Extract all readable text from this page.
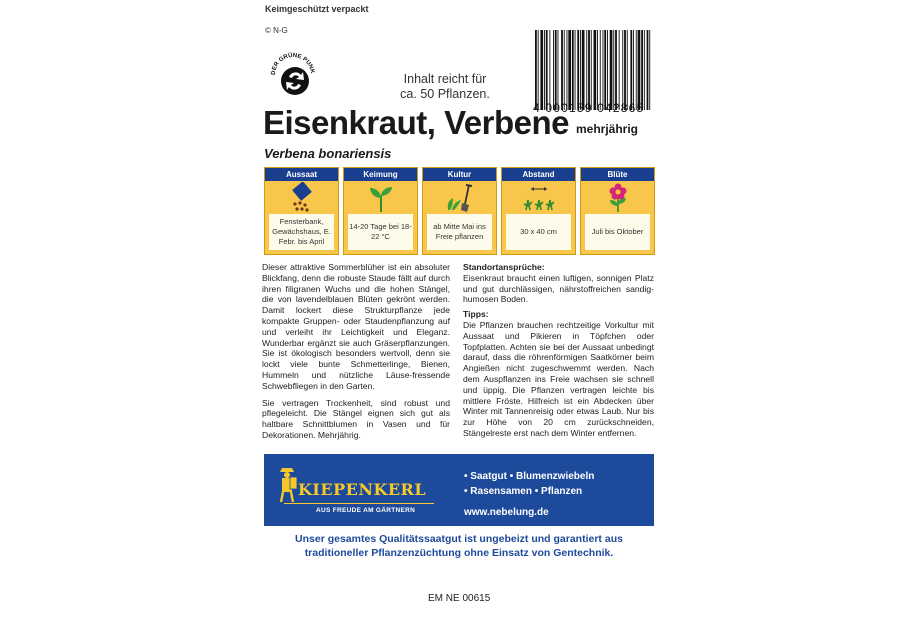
Keimgeschützt verpackt
© N-G
DER GRÜNE PUNK
Inhalt reicht für
ca. 50 Pflanzen.
4 000159 042865
Eisenkraut, Verbene mehrjährig
Verbena bonariensis
Aussaat
Fensterbank, Gewächshaus, E. Febr. bis April
Keimung
14-20 Tage bei 18-22 °C
Kultur
ab Mitte Mai ins Freie pflanzen
Abstand
30 x 40 cm
Blüte
Juli bis Oktober

Dieser attraktive Sommerblüher ist ein absoluter Blickfang, denn die robuste Staude fällt auf durch ihren filigranen Wuchs und die hohen Stängel, die von lavendelblauen Blüten gekrönt werden. Damit lockert diese Strukturpflanze jede kompakte Gruppen- oder Staudenpflanzung auf und verleiht ihr Leichtigkeit und Eleganz. Wunderbar ergänzt sie auch Gräserpflanzungen. Sie ist ökologisch besonders wertvoll, denn sie lockt viele bunte Schmetterlinge, Bienen, Hummeln und nützliche Läuse-fressende Schwebfliegen in den Garten.

Sie vertragen Trockenheit, sind robust und pflegeleicht. Die Stängel eignen sich gut als haltbare Schnittblumen in Vasen und für Dekorationen. Mehrjährig.

Standortansprüche:

Eisenkraut braucht einen luftigen, sonnigen Platz und gut durchlässigen, nährstoffreichen sandig-humosen Boden.

Tipps:

Die Pflanzen brauchen rechtzeitige Vorkultur mit Aussaat und Pikieren in Töpfchen oder Topfplatten. Achten sie bei der Aussaat unbedingt darauf, dass die röhrenförmigen Saatkörner beim Angießen nicht zugeschwemmt werden. Nach dem Auspflanzen ins Freie wachsen sie schnell und üppig. Die Pflanzen vertragen leichte bis mittlere Fröste. Hilfreich ist ein Abdecken über Winter mit Tannenreisig oder etwas Laub. Nur bis zur Höhe von 20 cm zurückschneiden, Stängelreste erst nach dem Winter entfernen.

KIEPENKERL
AUS FREUDE AM GÄRTNERN
• Saatgut • Blumenzwiebeln
• Rasensamen • Pflanzen
www.nebelung.de
Unser gesamtes Qualitätssaatgut ist ungebeizt und garantiert aus
traditioneller Pflanzenzüchtung ohne Einsatz von Gentechnik.
EM NE 00615
